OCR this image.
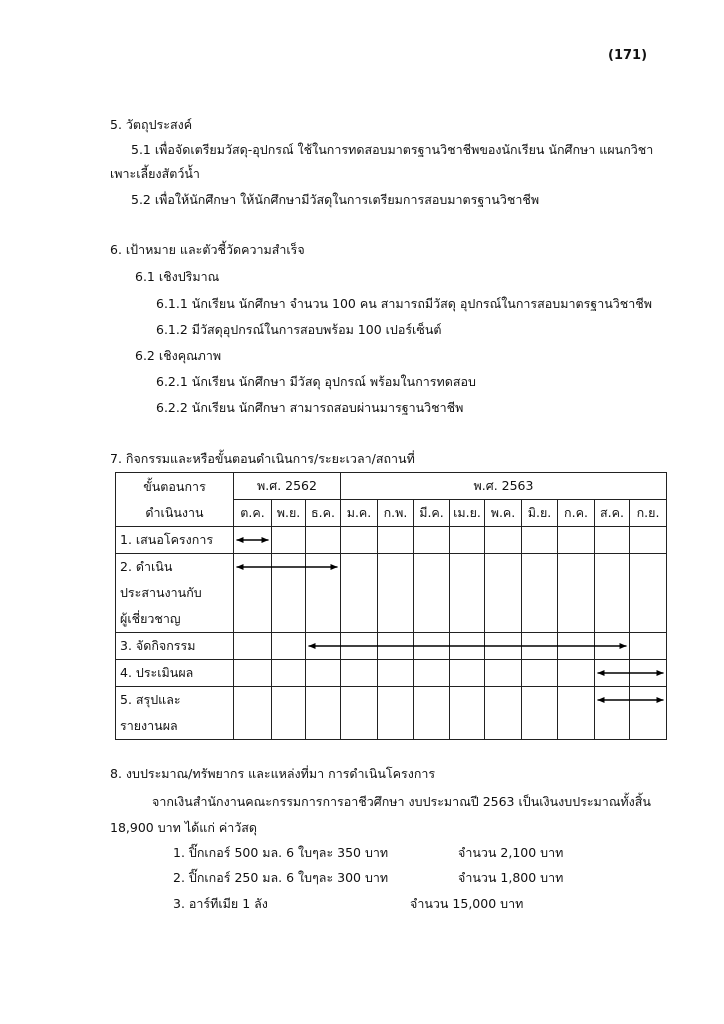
(171)
5. วัตถุประสงค์
5.1 เพื่อจัดเตรียมวัสดุ-อุปกรณ์ ใช้ในการทดสอบมาตรฐานวิชาชีพของนักเรียน นักศึกษา แผนกวิชา
เพาะเลี้ยงสัตว์น้ำ
5.2 เพื่อให้นักศึกษา ให้นักศึกษามีวัสดุในการเตรียมการสอบมาตรฐานวิชาชีพ
6. เป้าหมาย และตัวชี้วัดความสำเร็จ
6.1 เชิงปริมาณ
6.1.1 นักเรียน นักศึกษา จำนวน 100 คน สามารถมีวัสดุ อุปกรณ์ในการสอบมาตรฐานวิชาชีพ
6.1.2 มีวัสดุอุปกรณ์ในการสอบพร้อม 100 เปอร์เซ็นต์
6.2 เชิงคุณภาพ
6.2.1 นักเรียน นักศึกษา มีวัสดุ อุปกรณ์ พร้อมในการทดสอบ
6.2.2 นักเรียน นักศึกษา สามารถสอบผ่านมารฐานวิชาชีพ
7. กิจกรรมและหรือขั้นตอนดำเนินการ/ระยะเวลา/สถานที่
ขั้นตอนการ
ดำเนินงาน	พ.ศ. 2562			พ.ศ. 2563								
	ต.ค.	พ.ย.	ธ.ค.	ม.ค.	ก.พ.	มี.ค.	เม.ย.	พ.ค.	มิ.ย.	ก.ค.	ส.ค.	ก.ย.

1. เสนอโครงการ												

2. ดำเนิน
ประสานงานกับ
ผู้เชี่ยวชาญ												

3. จัดกิจกรรม												

4. ประเมินผล												

5. สรุปและ
รายงานผล												

8. งบประมาณ/ทรัพยากร และแหล่งที่มา การดำเนินโครงการ
จากเงินสำนักงานคณะกรรมการการอาชีวศึกษา งบประมาณปี 2563 เป็นเงินงบประมาณทั้งสิ้น
18,900 บาท ได้แก่ ค่าวัสดุ
1. ปิ๊กเกอร์ 500 มล. 6 ใบๆละ 350 บาท	จำนวน 2,100 บาท
2. ปิ๊กเกอร์ 250 มล. 6 ใบๆละ 300 บาท	จำนวน 1,800 บาท
3. อาร์ทีเมีย 1 ลัง	จำนวน 15,000 บาท
